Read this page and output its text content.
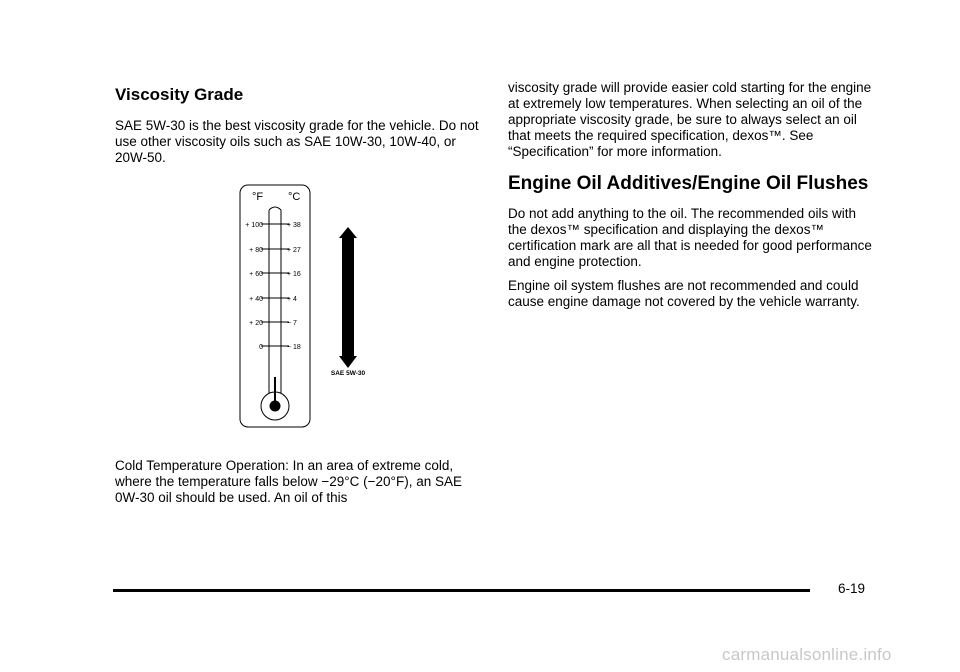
Viscosity Grade

SAE 5W-30 is the best viscosity grade for the vehicle. Do not use other viscosity oils such as SAE 10W-30, 10W-40, or 20W-50.

°F °C
+ 100
+ 80
+ 60
+ 40
+ 20
0
+ 38
+ 27
+ 16
+ 4
− 7
− 18
SAE 5W-30

Cold Temperature Operation: In an area of extreme cold, where the temperature falls below −29°C (−20°F), an SAE 0W-30 oil should be used. An oil of this

viscosity grade will provide easier cold starting for the engine at extremely low temperatures. When selecting an oil of the appropriate viscosity grade, be sure to always select an oil that meets the required specification, dexos™. See “Specification” for more information.

Engine Oil Additives/Engine Oil Flushes

Do not add anything to the oil. The recommended oils with the dexos™ specification and displaying the dexos™ certification mark are all that is needed for good performance and engine protection.

Engine oil system flushes are not recommended and could cause engine damage not covered by the vehicle warranty.

6-19
carmanualsonline.info
